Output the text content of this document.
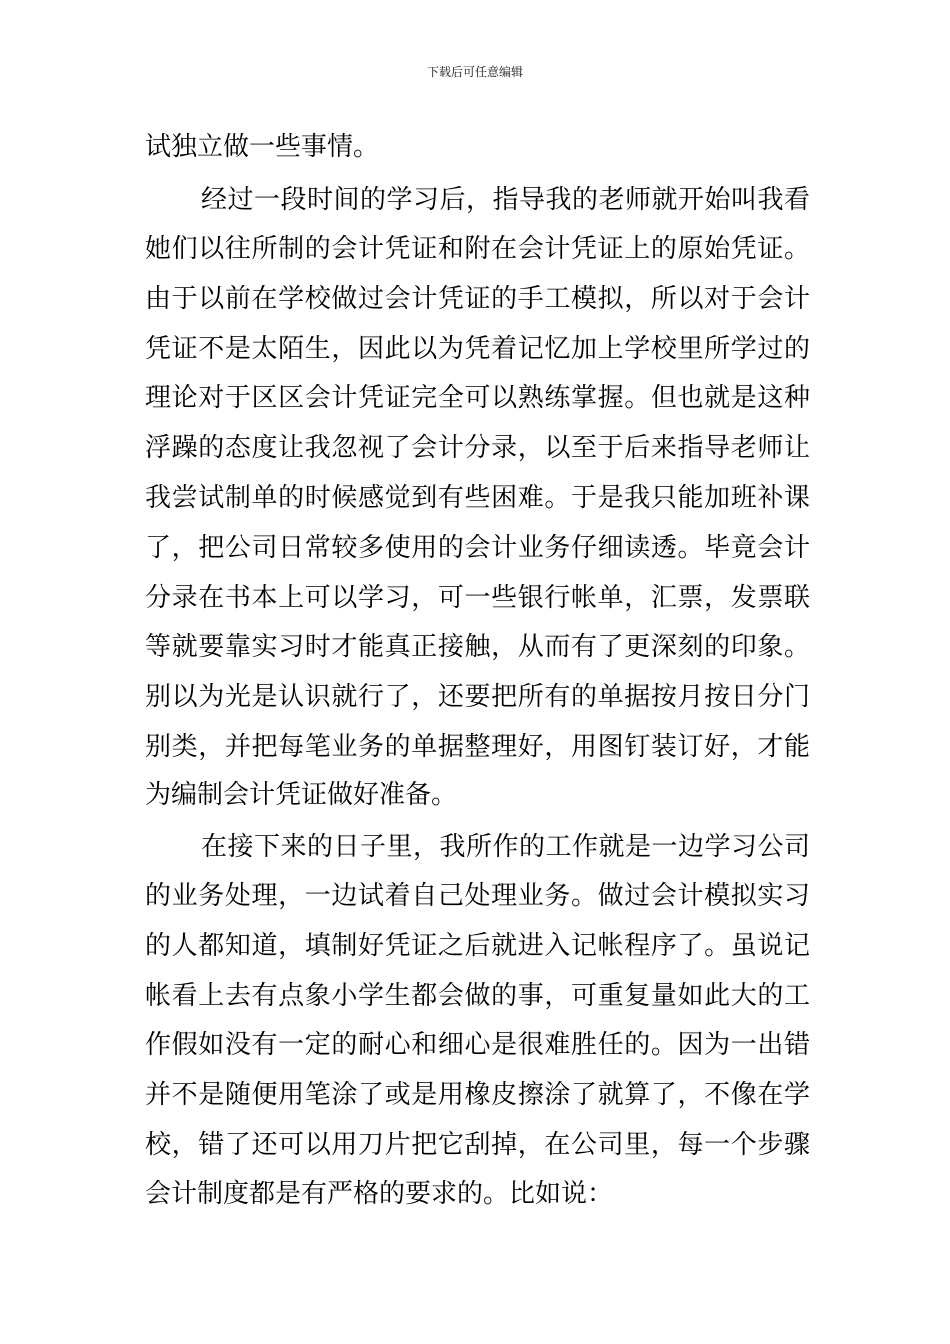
下载后可任意编辑
试独立做一些事情。
经过一段时间的学习后，指导我的老师就开始叫我看
她们以往所制的会计凭证和附在会计凭证上的原始凭证。
由于以前在学校做过会计凭证的手工模拟，所以对于会计
凭证不是太陌生，因此以为凭着记忆加上学校里所学过的
理论对于区区会计凭证完全可以熟练掌握。但也就是这种
浮躁的态度让我忽视了会计分录，以至于后来指导老师让
我尝试制单的时候感觉到有些困难。于是我只能加班补课
了，把公司日常较多使用的会计业务仔细读透。毕竟会计
分录在书本上可以学习，可一些银行帐单，汇票，发票联
等就要靠实习时才能真正接触，从而有了更深刻的印象。
别以为光是认识就行了，还要把所有的单据按月按日分门
别类，并把每笔业务的单据整理好，用图钉装订好，才能
为编制会计凭证做好准备。
在接下来的日子里，我所作的工作就是一边学习公司
的业务处理，一边试着自己处理业务。做过会计模拟实习
的人都知道，填制好凭证之后就进入记帐程序了。虽说记
帐看上去有点象小学生都会做的事，可重复量如此大的工
作假如没有一定的耐心和细心是很难胜任的。因为一出错
并不是随便用笔涂了或是用橡皮擦涂了就算了，不像在学
校，错了还可以用刀片把它刮掉，在公司里，每一个步骤
会计制度都是有严格的要求的。比如说：
